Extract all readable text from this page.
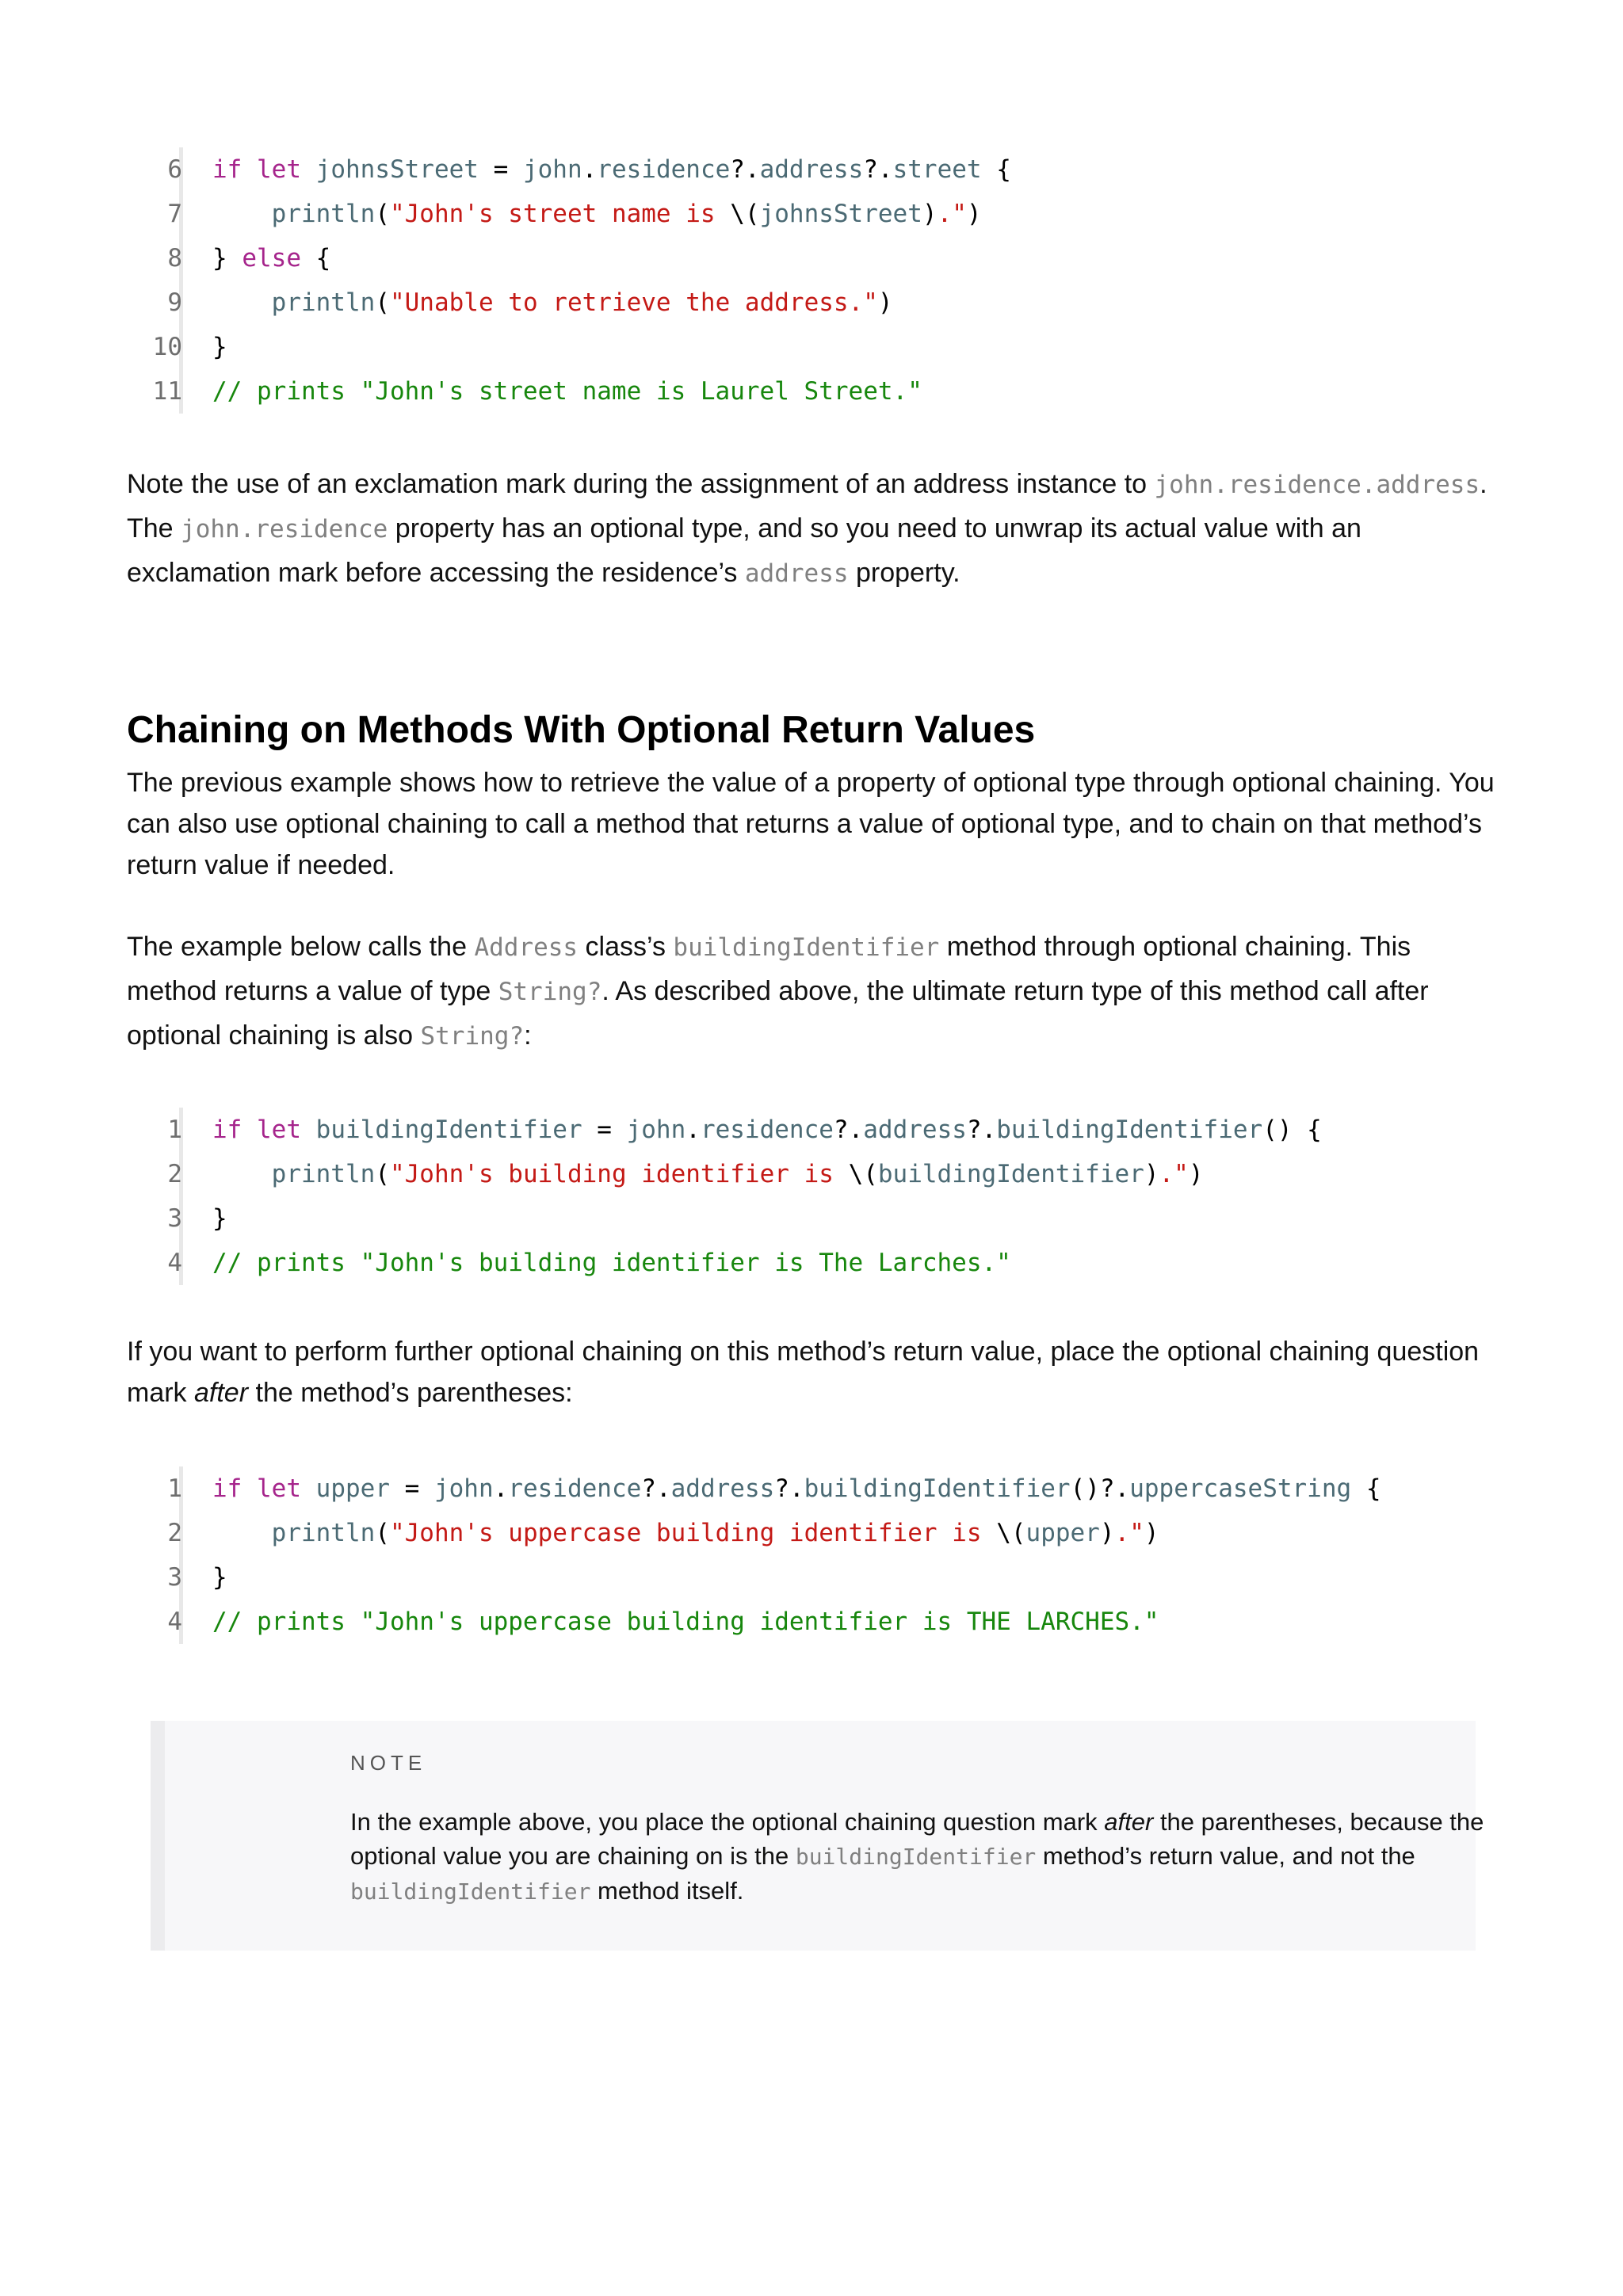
6 if let johnsStreet = john.residence?.address?.street {
7 println("John's street name is \(johnsStreet).")
8 } else {
9 println("Unable to retrieve the address.")
10 }
11 // prints "John's street name is Laurel Street."

Note the use of an exclamation mark during the assignment of an address instance to john.residence.address. The john.residence property has an optional type, and so you need to unwrap its actual value with an exclamation mark before accessing the residence’s address property.

Chaining on Methods With Optional Return Values

The previous example shows how to retrieve the value of a property of optional type through optional chaining. You can also use optional chaining to call a method that returns a value of optional type, and to chain on that method’s return value if needed.

The example below calls the Address class’s buildingIdentifier method through optional chaining. This method returns a value of type String?. As described above, the ultimate return type of this method call after optional chaining is also String?:

1 if let buildingIdentifier = john.residence?.address?.buildingIdentifier() {
2 println("John's building identifier is \(buildingIdentifier).")
3 }
4 // prints "John's building identifier is The Larches."

If you want to perform further optional chaining on this method’s return value, place the optional chaining question mark after the method’s parentheses:

1 if let upper = john.residence?.address?.buildingIdentifier()?.uppercaseString {
2 println("John's uppercase building identifier is \(upper).")
3 }
4 // prints "John's uppercase building identifier is THE LARCHES."
NOTE

In the example above, you place the optional chaining question mark after the parentheses, because the optional value you are chaining on is the buildingIdentifier method’s return value, and not the buildingIdentifier method itself.
